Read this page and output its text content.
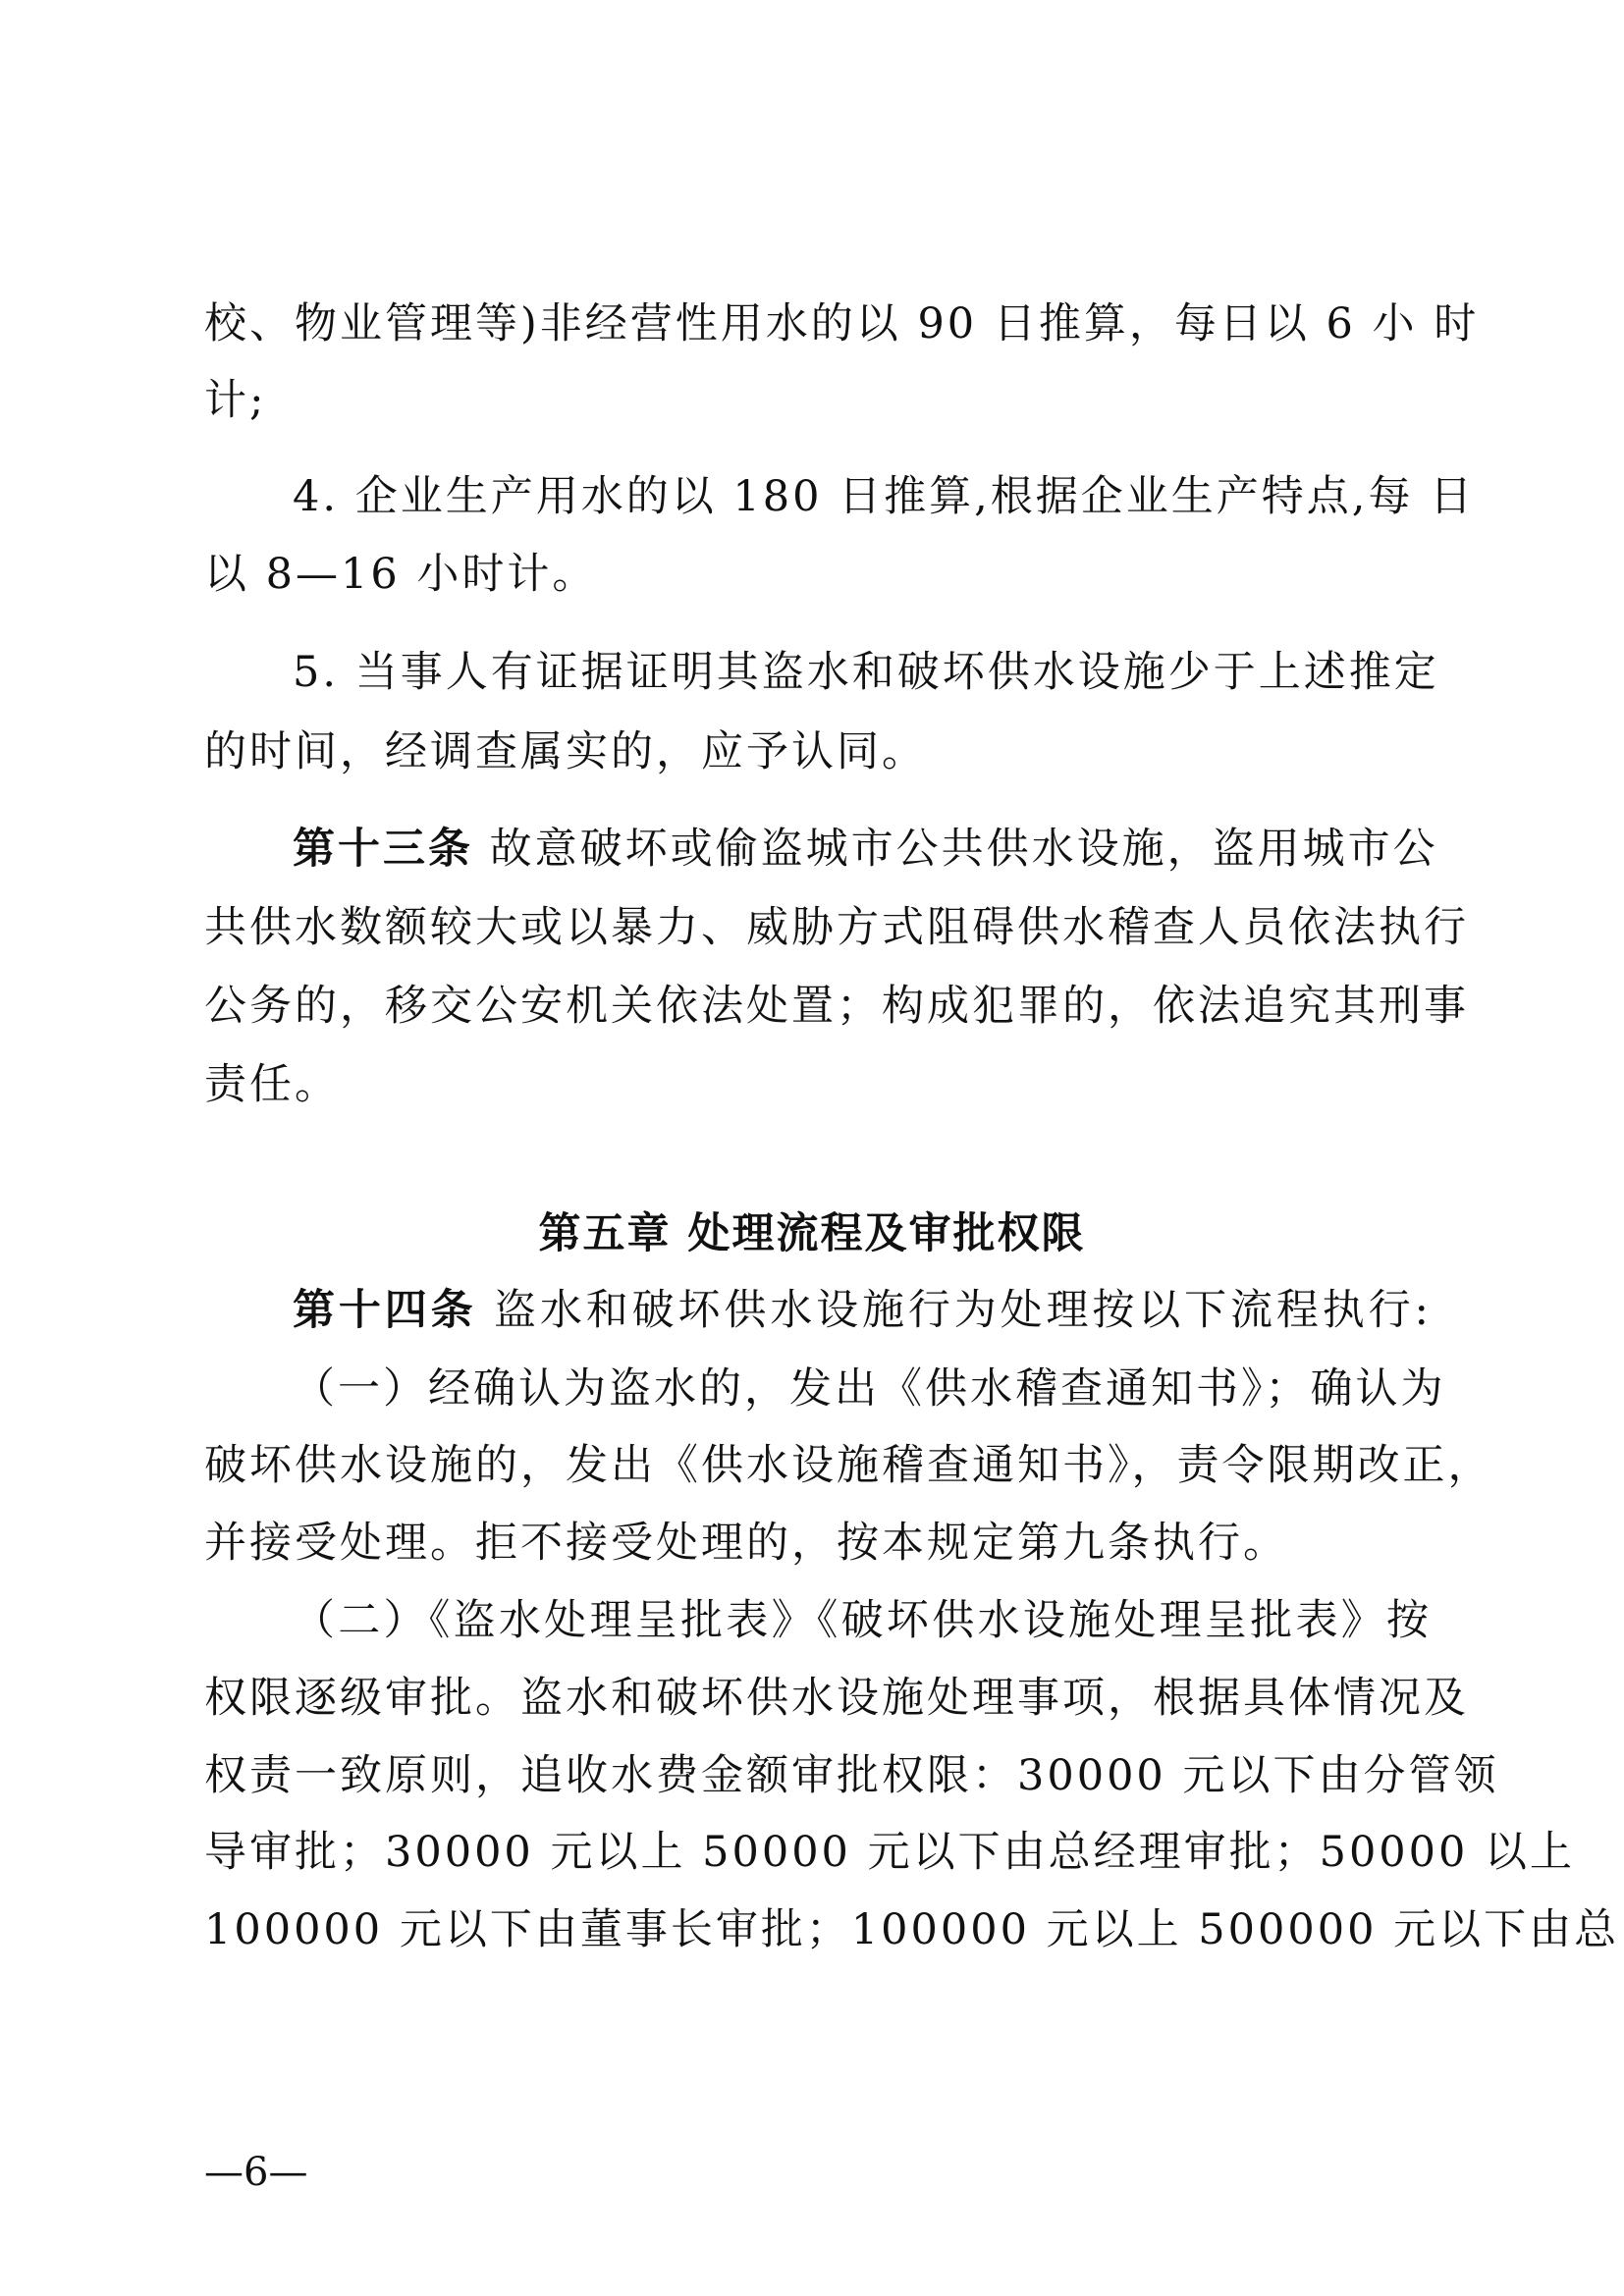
校、物业管理等)非经营性用水的以 90 日推算，每日以 6 小 时
计;
4. 企业生产用水的以 180 日推算,根据企业生产特点,每 日
以 8—16 小时计。
5. 当事人有证据证明其盗水和破坏供水设施少于上述推定
的时间，经调查属实的，应予认同。
第十三条 故意破坏或偷盗城市公共供水设施，盗用城市公
共供水数额较大或以暴力、威胁方式阻碍供水稽查人员依法执行
公务的，移交公安机关依法处置；构成犯罪的，依法追究其刑事
责任。
第五章 处理流程及审批权限
第十四条 盗水和破坏供水设施行为处理按以下流程执行:
（一）经确认为盗水的，发出《供水稽查通知书》；确认为
破坏供水设施的，发出《供水设施稽查通知书》，责令限期改正，
并接受处理。拒不接受处理的，按本规定第九条执行。
（二）《盗水处理呈批表》《破坏供水设施处理呈批表》按
权限逐级审批。盗水和破坏供水设施处理事项，根据具体情况及
权责一致原则，追收水费金额审批权限：30000 元以下由分管领
导审批；30000 元以上 50000 元以下由总经理审批；50000 以上
100000 元以下由董事长审批；100000 元以上 500000 元以下由总
—6—
